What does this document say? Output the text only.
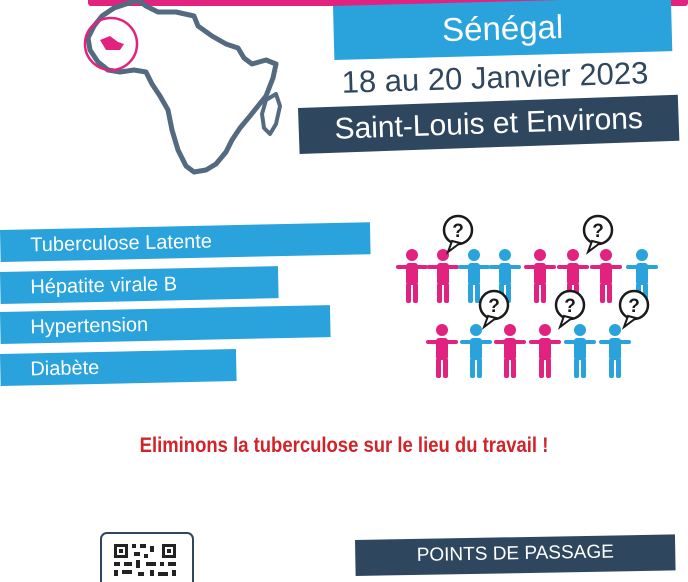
Sénégal
18 au 20 Janvier 2023
Saint-Louis et Environs
Tuberculose Latente
Hépatite virale B
Hypertension
Diabète
?	?
?	?	?
Eliminons la tuberculose sur le lieu du travail !
POINTS DE PASSAGE
